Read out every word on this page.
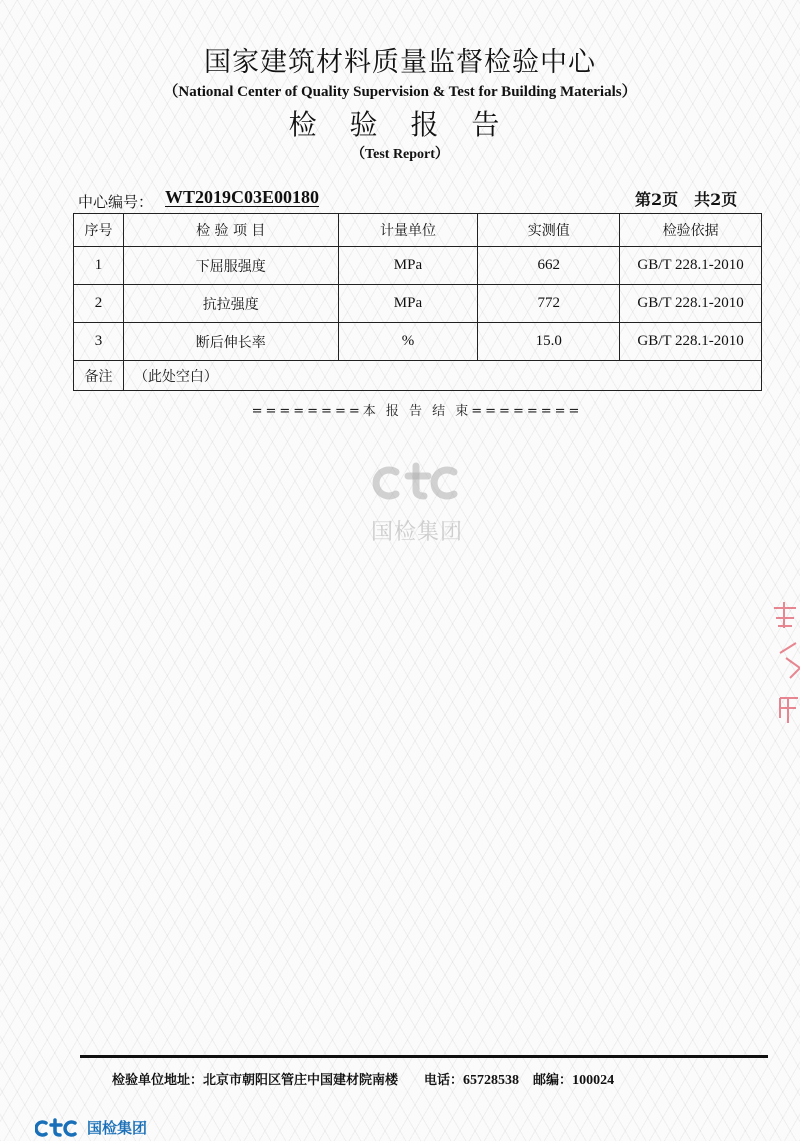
国家建筑材料质量监督检验中心
（National Center of Quality Supervision & Test for Building Materials）
检 验 报 告
（Test Report）
中心编号： WT2019C03E00180	第2页 共2页
序号	检 验 项 目	计量单位	实测值	检验依据
1	下屈服强度	MPa	662	GB/T 228.1-2010
2	抗拉强度	MPa	772	GB/T 228.1-2010
3	断后伸长率	%	15.0	GB/T 228.1-2010
备注	（此处空白）			
========本 报 告 结 束========
国检集团
检验单位地址：北京市朝阳区管庄中国建材院南楼 电话：65728538 邮编：100024
国检集团
